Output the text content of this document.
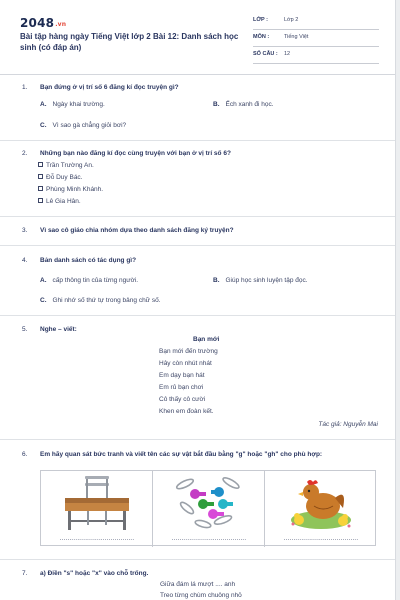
2048.vn
Bài tập hàng ngày Tiếng Việt lớp 2 Bài 12: Danh sách học sinh (có đáp án)
LỚP :	Lớp 2
MÔN :	Tiếng Việt
SỐ CÂU : 12
1. Bạn đứng ở vị trí số 6 đăng kí đọc truyện gì?
A. Ngày khai trường.	B. Ếch xanh đi học.
C. Vì sao gà chẳng giỏi bơi?
2. Những bạn nào đăng kí đọc cùng truyện với bạn ở vị trí số 6?
Trần Trường An.
Đỗ Duy Bác.
Phùng Minh Khánh.
Lê Gia Hân.
3. Vì sao cô giáo chia nhóm dựa theo danh sách đăng ký truyện?
4. Bản danh sách có tác dụng gì?
A. cấp thông tin của từng người.	B. Giúp học sinh luyện tập đọc.
C. Ghi nhớ số thứ tự trong bảng chữ số.
5. Nghe – viết:
Bạn mới
Bạn mới đến trường
Hây còn nhút nhát
Em dạy bạn hát
Em rủ bạn chơi
Cô thấy cô cười
Khen em đoàn kết.
Tác giả: Nguyễn Mai
6. Em hãy quan sát bức tranh và viết tên các sự vật bắt đầu bằng "g" hoặc "gh" cho phù hợp:
......................................	......................................	......................................
7. a) Điền "s" hoặc "x" vào chỗ trống.
Giữa đám lá mượt .... anh
Treo từng chùm chuông nhỏ
